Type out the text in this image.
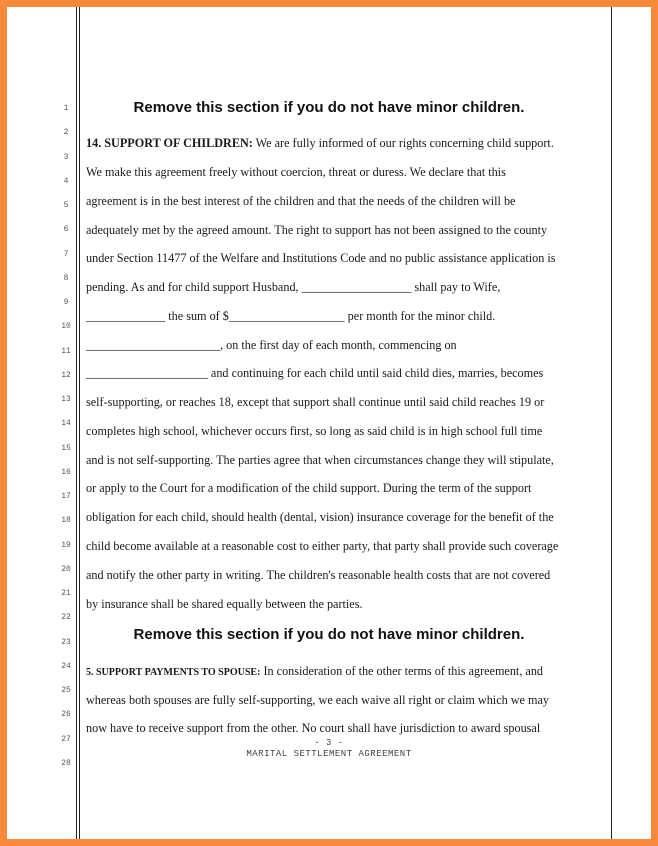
1
2
3
4
5
6
7
8
9
10
11
12
13
14
15
16
17
18
19
20
21
22
23
24
25
26
27
28
Remove this section if you do not have minor children.
14. SUPPORT OF CHILDREN: We are fully informed of our rights concerning child support.
We make this agreement freely without coercion, threat or duress. We declare that this
agreement is in the best interest of the children and that the needs of the children will be
adequately met by the agreed amount. The right to support has not been assigned to the county
under Section 11477 of the Welfare and Institutions Code and no public assistance application is
pending. As and for child support Husband, __________________ shall pay to Wife,
_____________ the sum of $___________________ per month for the minor child.
______________________, on the first day of each month, commencing on
____________________ and continuing for each child until said child dies, marries, becomes
self-supporting, or reaches 18, except that support shall continue until said child reaches 19 or
completes high school, whichever occurs first, so long as said child is in high school full time
and is not self-supporting. The parties agree that when circumstances change they will stipulate,
or apply to the Court for a modification of the child support. During the term of the support
obligation for each child, should health (dental, vision) insurance coverage for the benefit of the
child become available at a reasonable cost to either party, that party shall provide such coverage
and notify the other party in writing. The children's reasonable health costs that are not covered
by insurance shall be shared equally between the parties.
Remove this section if you do not have minor children.
5. SUPPORT PAYMENTS TO SPOUSE: In consideration of the other terms of this agreement, and
whereas both spouses are fully self-supporting, we each waive all right or claim which we may
now have to receive support from the other. No court shall have jurisdiction to award spousal
- 3 -
MARITAL SETTLEMENT AGREEMENT
